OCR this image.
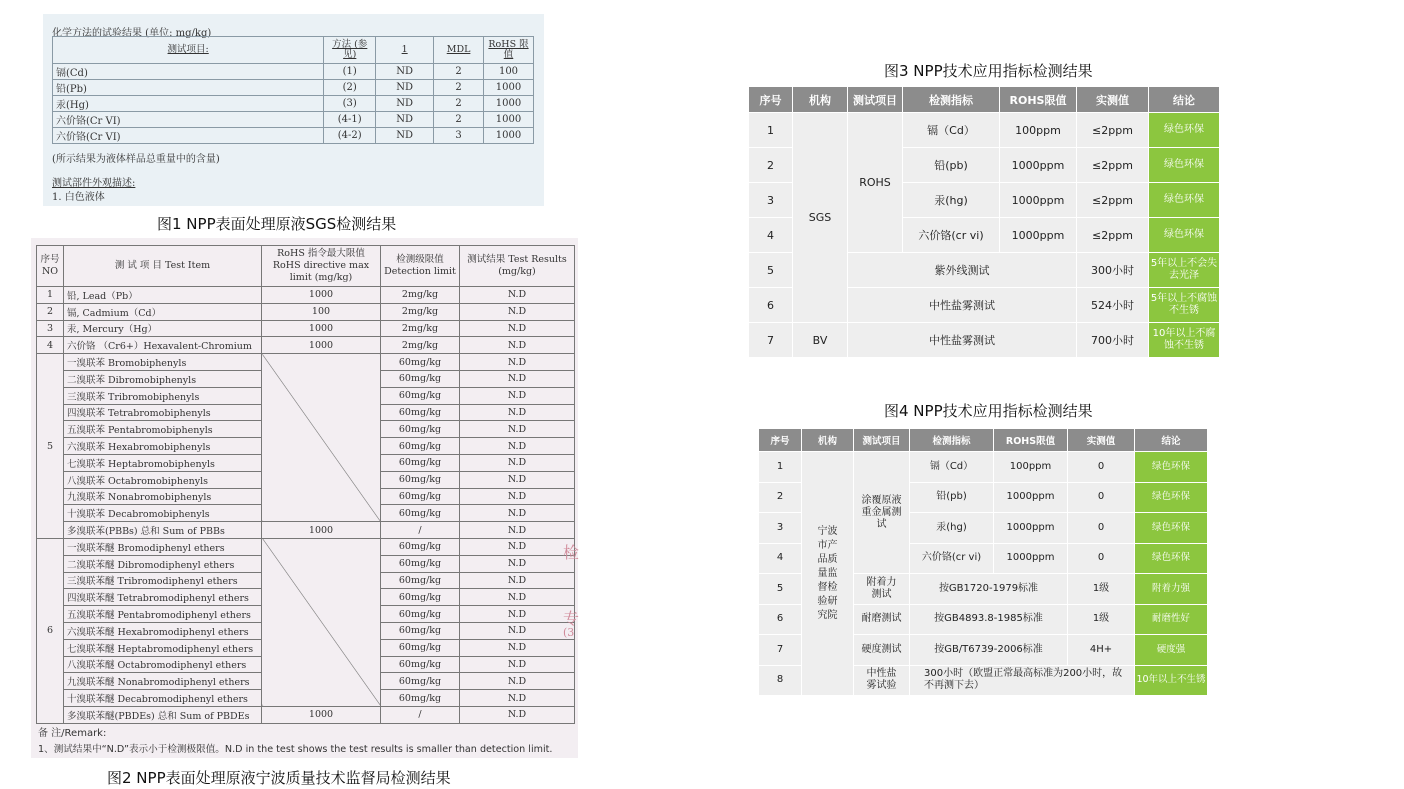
化学方法的试验结果 (单位: mg/kg)
测试项目:	方法 (参见)	1	MDL	RoHS 限值
镉(Cd)	(1)	ND	2	100
铅(Pb)	(2)	ND	2	1000
汞(Hg)	(3)	ND	2	1000
六价铬(Cr VI)	(4-1)	ND	2	1000
六价铬(Cr VI)	(4-2)	ND	3	1000
(所示结果为液体样品总重量中的含量)
测试部件外观描述:
1. 白色液体
图1 NPP表面处理原液SGS检测结果
序号 NO	测 试 项 目 Test Item	RoHS 指令最大限值 RoHS directive max limit (mg/kg)	检测级限值 Detection limit	测试结果 Test Results (mg/kg)
1	铅, Lead（Pb）	1000	2mg/kg	N.D
2	镉, Cadmium（Cd）	100	2mg/kg	N.D
3	汞, Mercury（Hg）	1000	2mg/kg	N.D
4	六价铬 （Cr6+）Hexavalent-Chromium	1000	2mg/kg	N.D
5	一溴联苯 Bromobiphenyls		60mg/kg	N.D
	二溴联苯 Dibromobiphenyls		60mg/kg	N.D
	三溴联苯 Tribromobiphenyls		60mg/kg	N.D
	四溴联苯 Tetrabromobiphenyls		60mg/kg	N.D
	五溴联苯 Pentabromobiphenyls		60mg/kg	N.D
	六溴联苯 Hexabromobiphenyls		60mg/kg	N.D
	七溴联苯 Heptabromobiphenyls		60mg/kg	N.D
	八溴联苯 Octabromobiphenyls		60mg/kg	N.D
	九溴联苯 Nonabromobiphenyls		60mg/kg	N.D
	十溴联苯 Decabromobiphenyls		60mg/kg	N.D
	多溴联苯(PBBs) 总和 Sum of PBBs	1000	/	N.D
6	一溴联苯醚 Bromodiphenyl ethers		60mg/kg	N.D
	二溴联苯醚 Dibromodiphenyl ethers		60mg/kg	N.D
	三溴联苯醚 Tribromodiphenyl ethers		60mg/kg	N.D
	四溴联苯醚 Tetrabromodiphenyl ethers		60mg/kg	N.D
	五溴联苯醚 Pentabromodiphenyl ethers		60mg/kg	N.D
	六溴联苯醚 Hexabromodiphenyl ethers		60mg/kg	N.D
	七溴联苯醚 Heptabromodiphenyl ethers		60mg/kg	N.D
	八溴联苯醚 Octabromodiphenyl ethers		60mg/kg	N.D
	九溴联苯醚 Nonabromodiphenyl ethers		60mg/kg	N.D
	十溴联苯醚 Decabromodiphenyl ethers		60mg/kg	N.D
	多溴联苯醚(PBDEs) 总和 Sum of PBDEs	1000	/	N.D
备 注/Remark:
1、测试结果中“N.D”表示小于检测极限值。N.D in the test shows the test results is smaller than detection limit.
检
专
(3
图2 NPP表面处理原液宁波质量技术监督局检测结果
图3 NPP技术应用指标检测结果
序号	机构	测试项目	检测指标	ROHS限值	实测值	结论
1	SGS	ROHS	镉（Cd）	100ppm	≤2ppm	绿色环保
2			铅(pb)	1000ppm	≤2ppm	绿色环保
3			汞(hg)	1000ppm	≤2ppm	绿色环保
4			六价铬(cr vi)	1000ppm	≤2ppm	绿色环保
5		紫外线测试			300小时	5年以上不会失去光泽
6		中性盐雾测试			524小时	5年以上不腐蚀不生锈
7	BV	中性盐雾测试			700小时	10年以上不腐蚀不生锈
图4 NPP技术应用指标检测结果
序号	机构	测试项目	检测指标	ROHS限值	实测值	结论
1	宁波市产品质量监督检验研究院	涂覆原液重金属测试	镉（Cd）	100ppm	0	绿色环保
2			铅(pb)	1000ppm	0	绿色环保
3			汞(hg)	1000ppm	0	绿色环保
4			六价铬(cr vi)	1000ppm	0	绿色环保
5		附着力测试	按GB1720-1979标准		1级	附着力强
6		耐磨测试	按GB4893.8-1985标准		1级	耐磨性好
7		硬度测试	按GB/T6739-2006标准		4H+	硬度强
8		中性盐雾试验	300小时（欧盟正常最高标准为200小时，故不再测下去）			10年以上不生锈
